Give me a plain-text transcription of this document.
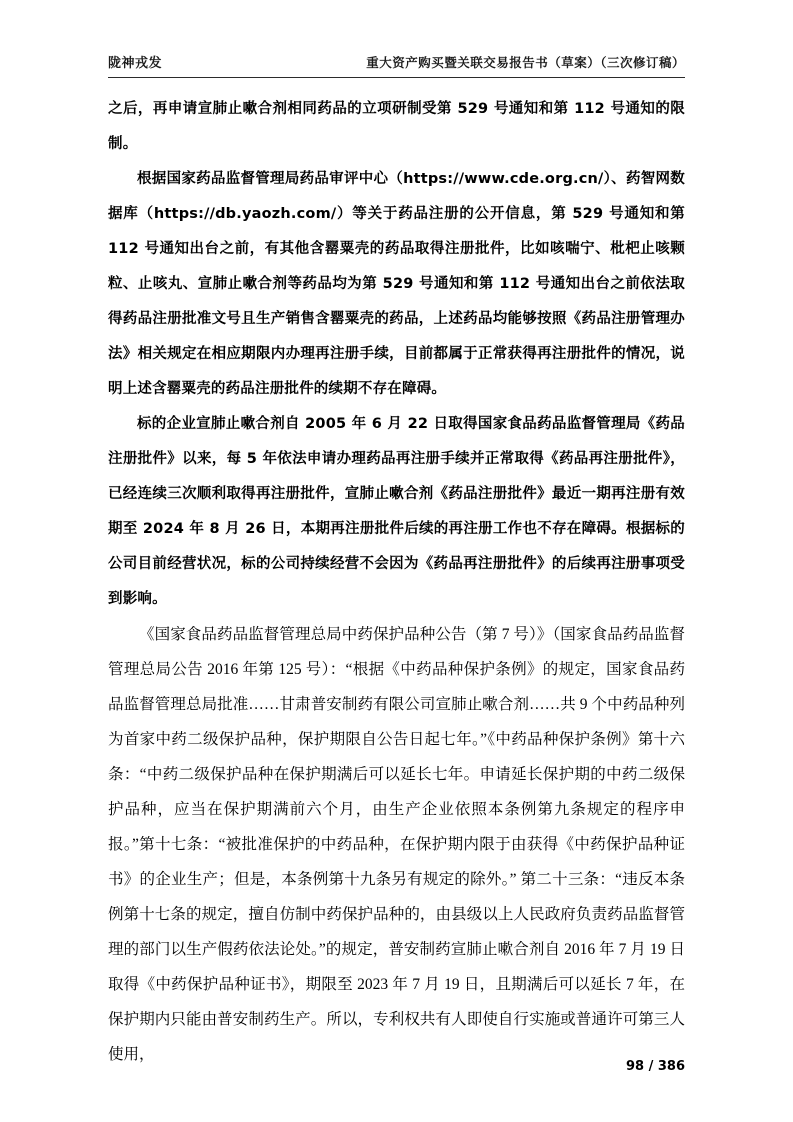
陇神戎发	重大资产购买暨关联交易报告书（草案）（三次修订稿）

之后，再申请宣肺止嗽合剂相同药品的立项研制受第 529 号通知和第 112 号通知的限制。

根据国家药品监督管理局药品审评中心（https://www.cde.org.cn/）、药智网数据库（https://db.yaozh.com/）等关于药品注册的公开信息，第 529 号通知和第 112 号通知出台之前，有其他含罂粟壳的药品取得注册批件，比如咳喘宁、枇杷止咳颗粒、止咳丸、宣肺止嗽合剂等药品均为第 529 号通知和第 112 号通知出台之前依法取得药品注册批准文号且生产销售含罂粟壳的药品，上述药品均能够按照《药品注册管理办法》相关规定在相应期限内办理再注册手续，目前都属于正常获得再注册批件的情况，说明上述含罂粟壳的药品注册批件的续期不存在障碍。

标的企业宣肺止嗽合剂自 2005 年 6 月 22 日取得国家食品药品监督管理局《药品注册批件》以来，每 5 年依法申请办理药品再注册手续并正常取得《药品再注册批件》，已经连续三次顺利取得再注册批件，宣肺止嗽合剂《药品注册批件》最近一期再注册有效期至 2024 年 8 月 26 日，本期再注册批件后续的再注册工作也不存在障碍。根据标的公司目前经营状况，标的公司持续经营不会因为《药品再注册批件》的后续再注册事项受到影响。

《国家食品药品监督管理总局中药保护品种公告（第 7 号）》（国家食品药品监督管理总局公告 2016 年第 125 号）：“根据《中药品种保护条例》的规定，国家食品药品监督管理总局批准……甘肃普安制药有限公司宣肺止嗽合剂……共 9 个中药品种列为首家中药二级保护品种，保护期限自公告日起七年。”《中药品种保护条例》第十六条：“中药二级保护品种在保护期满后可以延长七年。申请延长保护期的中药二级保护品种，应当在保护期满前六个月，由生产企业依照本条例第九条规定的程序申报。”第十七条：“被批准保护的中药品种，在保护期内限于由获得《中药保护品种证书》的企业生产；但是，本条例第十九条另有规定的除外。” 第二十三条：“违反本条例第十七条的规定，擅自仿制中药保护品种的，由县级以上人民政府负责药品监督管理的部门以生产假药依法论处。”的规定，普安制药宣肺止嗽合剂自 2016 年 7 月 19 日取得《中药保护品种证书》，期限至 2023 年 7 月 19 日，且期满后可以延长 7 年，在保护期内只能由普安制药生产。所以，专利权共有人即使自行实施或普通许可第三人使用，

98 / 386
